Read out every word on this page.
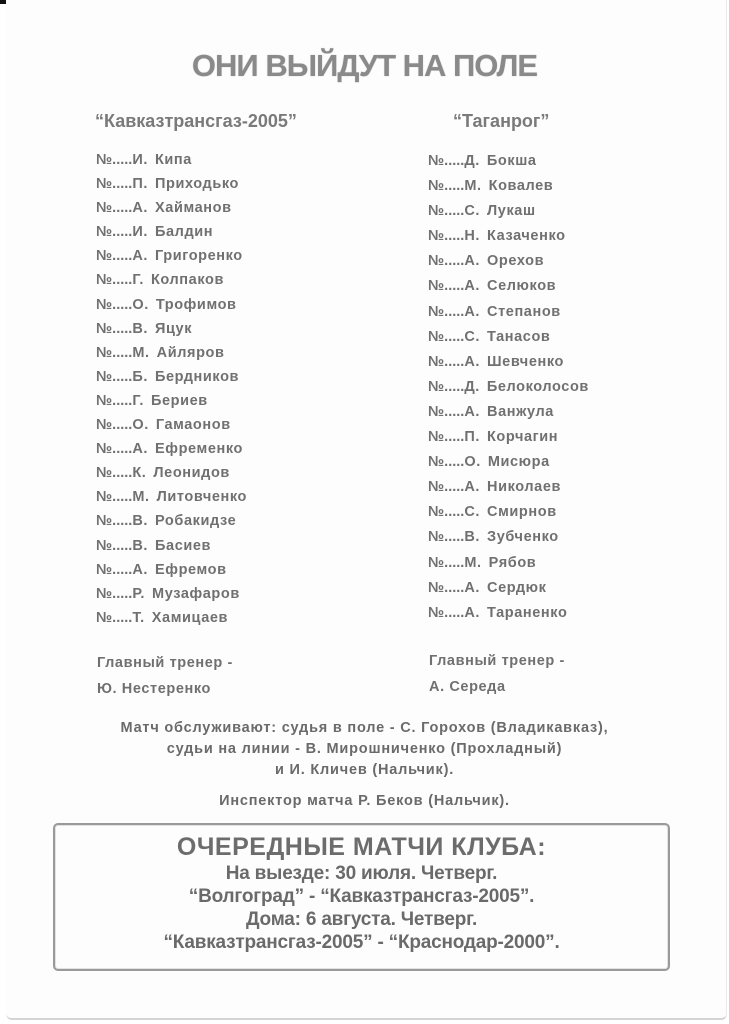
ОНИ ВЫЙДУТ НА ПОЛЕ
“Кавказтрансгаз-2005”	“Таганрог”
№.....И. Кипа
№.....П. Приходько
№.....А. Хайманов
№.....И. Балдин
№.....А. Григоренко
№.....Г. Колпаков
№.....О. Трофимов
№.....В. Яцук
№.....М. Айляров
№.....Б. Бердников
№.....Г. Бериев
№.....О. Гамаонов
№.....А. Ефременко
№.....К. Леонидов
№.....М. Литовченко
№.....В. Робакидзе
№.....В. Басиев
№.....А. Ефремов
№.....Р. Музафаров
№.....Т. Хамицаев
№.....Д. Бокша
№.....М. Ковалев
№.....С. Лукаш
№.....Н. Казаченко
№.....А. Орехов
№.....А. Селюков
№.....А. Степанов
№.....С. Танасов
№.....А. Шевченко
№.....Д. Белоколосов
№.....А. Ванжула
№.....П. Корчагин
№.....О. Мисюра
№.....А. Николаев
№.....С. Смирнов
№.....В. Зубченко
№.....М. Рябов
№.....А. Сердюк
№.....А. Тараненко
Главный тренер -
Ю. Нестеренко
Главный тренер -
А. Середа
Матч обслуживают: судья в поле - С. Горохов (Владикавказ),
судьи на линии - В. Мирошниченко (Прохладный)
и И. Кличев (Нальчик).
Инспектор матча Р. Беков (Нальчик).
ОЧЕРЕДНЫЕ МАТЧИ КЛУБА:
На выезде: 30 июля. Четверг.
“Волгоград” - “Кавказтрансгаз-2005”.
Дома: 6 августа. Четверг.
“Кавказтрансгаз-2005” - “Краснодар-2000”.
